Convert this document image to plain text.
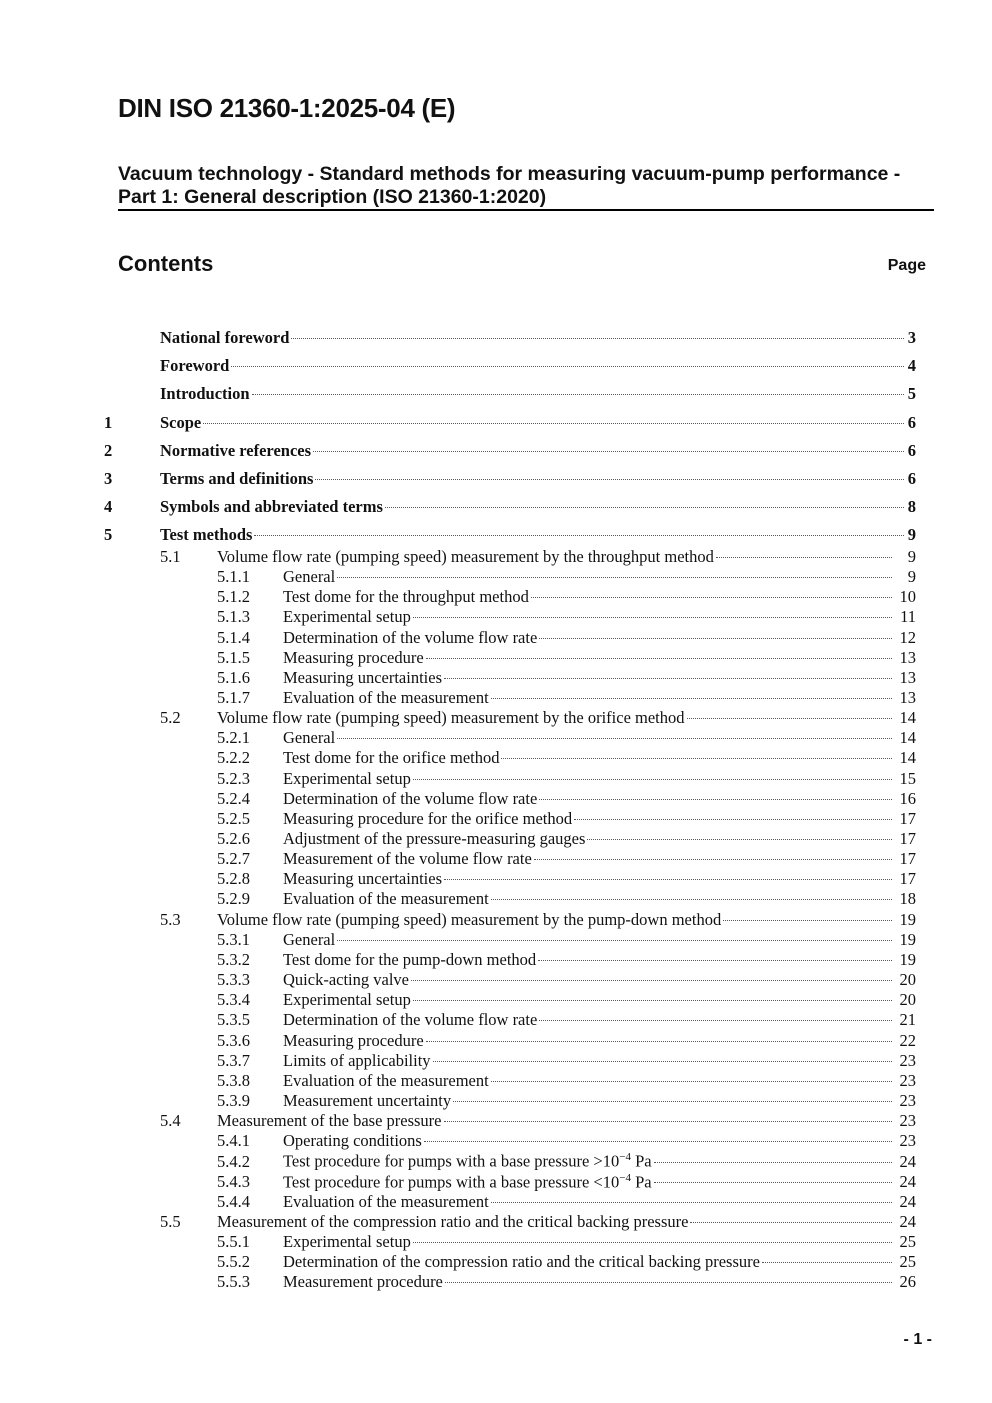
DIN ISO 21360-1:2025-04 (E)
Vacuum technology - Standard methods for measuring vacuum-pump performance -
Part 1: General description (ISO 21360-1:2020)
Contents	Page
National foreword	3
Foreword	4
Introduction	5
1	Scope	6
2	Normative references	6
3	Terms and definitions	6
4	Symbols and abbreviated terms	8
5	Test methods	9
5.1	Volume flow rate (pumping speed) measurement by the throughput method	9
5.1.1	General	9
5.1.2	Test dome for the throughput method	10
5.1.3	Experimental setup	11
5.1.4	Determination of the volume flow rate	12
5.1.5	Measuring procedure	13
5.1.6	Measuring uncertainties	13
5.1.7	Evaluation of the measurement	13
5.2	Volume flow rate (pumping speed) measurement by the orifice method	14
5.2.1	General	14
5.2.2	Test dome for the orifice method	14
5.2.3	Experimental setup	15
5.2.4	Determination of the volume flow rate	16
5.2.5	Measuring procedure for the orifice method	17
5.2.6	Adjustment of the pressure-measuring gauges	17
5.2.7	Measurement of the volume flow rate	17
5.2.8	Measuring uncertainties	17
5.2.9	Evaluation of the measurement	18
5.3	Volume flow rate (pumping speed) measurement by the pump-down method	19
5.3.1	General	19
5.3.2	Test dome for the pump-down method	19
5.3.3	Quick-acting valve	20
5.3.4	Experimental setup	20
5.3.5	Determination of the volume flow rate	21
5.3.6	Measuring procedure	22
5.3.7	Limits of applicability	23
5.3.8	Evaluation of the measurement	23
5.3.9	Measurement uncertainty	23
5.4	Measurement of the base pressure	23
5.4.1	Operating conditions	23
5.4.2	Test procedure for pumps with a base pressure $>10^{-4}$ Pa	24
5.4.3	Test procedure for pumps with a base pressure $<10^{-4}$ Pa	24
5.4.4	Evaluation of the measurement	24
5.5	Measurement of the compression ratio and the critical backing pressure	24
5.5.1	Experimental setup	25
5.5.2	Determination of the compression ratio and the critical backing pressure	25
5.5.3	Measurement procedure	26
- 1 -
